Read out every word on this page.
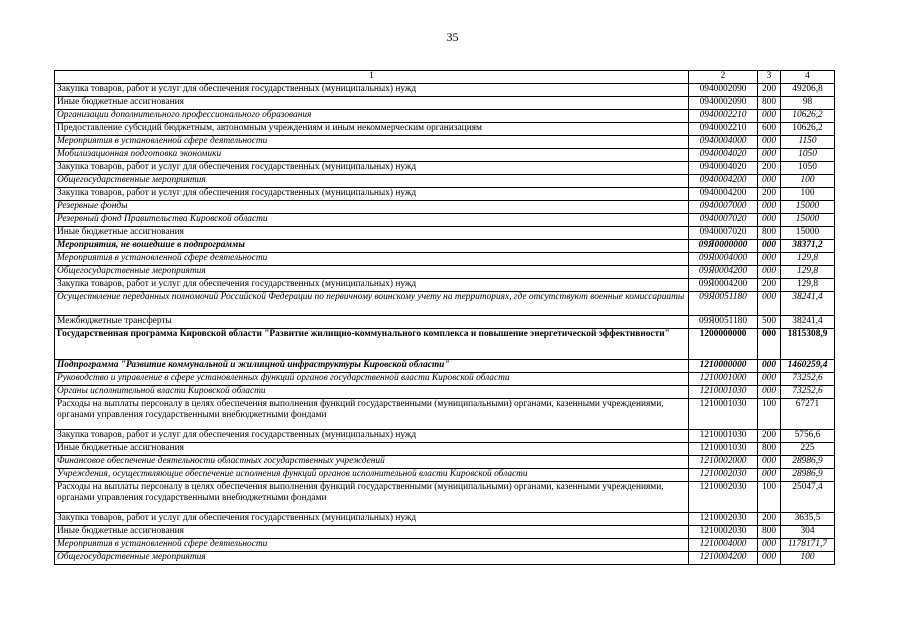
35
1	2	3	4
Закупка товаров, работ и услуг для обеспечения государственных (муниципальных) нужд	0940002090	200	49206,8
Иные бюджетные ассигнования	0940002090	800	98
Организации дополнительного профессионального образования	0940002210	000	10626,2
Предоставление субсидий бюджетным, автономным учреждениям и иным некоммерческим организациям	0940002210	600	10626,2
Мероприятия в установленной сфере деятельности	0940004000	000	1150
Мобилизационная подготовка экономики	0940004020	000	1050
Закупка товаров, работ и услуг для обеспечения государственных (муниципальных) нужд	0940004020	200	1050
Общегосударственные мероприятия	0940004200	000	100
Закупка товаров, работ и услуг для обеспечения государственных (муниципальных) нужд	0940004200	200	100
Резервные фонды	0940007000	000	15000
Резервный фонд Правительства Кировской области	0940007020	000	15000
Иные бюджетные ассигнования	0940007020	800	15000
Мероприятия, не вошедшие в подпрограммы	09Я0000000	000	38371,2
Мероприятия в установленной сфере деятельности	09Я0004000	000	129,8
Общегосударственные мероприятия	09Я0004200	000	129,8
Закупка товаров, работ и услуг для обеспечения государственных (муниципальных) нужд	09Я0004200	200	129,8
Осуществление переданных полномочий Российской Федерации по первичному воинскому учету на территориях, где отсутствуют военные комиссариаты	09Я0051180	000	38241,4
Межбюджетные трансферты	09Я0051180	500	38241,4
Государственная программа Кировской области "Развитие жилищно-коммунального комплекса и повышение энергетической эффективности"	1200000000	000	1815308,9
Подпрограмма "Развитие коммунальной и жилищной инфраструктуры Кировской области"	1210000000	000	1460259,4
Руководство и управление в сфере установленных функций органов государственной власти Кировской области	1210001000	000	73252,6
Органы исполнительной власти Кировской области	1210001030	000	73252,6
Расходы на выплаты персоналу в целях обеспечения выполнения функций государственными (муниципальными) органами, казенными учреждениями, органами управления государственными внебюджетными фондами	1210001030	100	67271
Закупка товаров, работ и услуг для обеспечения государственных (муниципальных) нужд	1210001030	200	5756,6
Иные бюджетные ассигнования	1210001030	800	225
Финансовое обеспечение деятельности областных государственных учреждений	1210002000	000	28986,9
Учреждения, осуществляющие обеспечение исполнения функций органов исполнительной власти Кировской области	1210002030	000	28986,9
Расходы на выплаты персоналу в целях обеспечения выполнения функций государственными (муниципальными) органами, казенными учреждениями, органами управления государственными внебюджетными фондами	1210002030	100	25047,4
Закупка товаров, работ и услуг для обеспечения государственных (муниципальных) нужд	1210002030	200	3635,5
Иные бюджетные ассигнования	1210002030	800	304
Мероприятия в установленной сфере деятельности	1210004000	000	1178171,7
Общегосударственные мероприятия	1210004200	000	100
